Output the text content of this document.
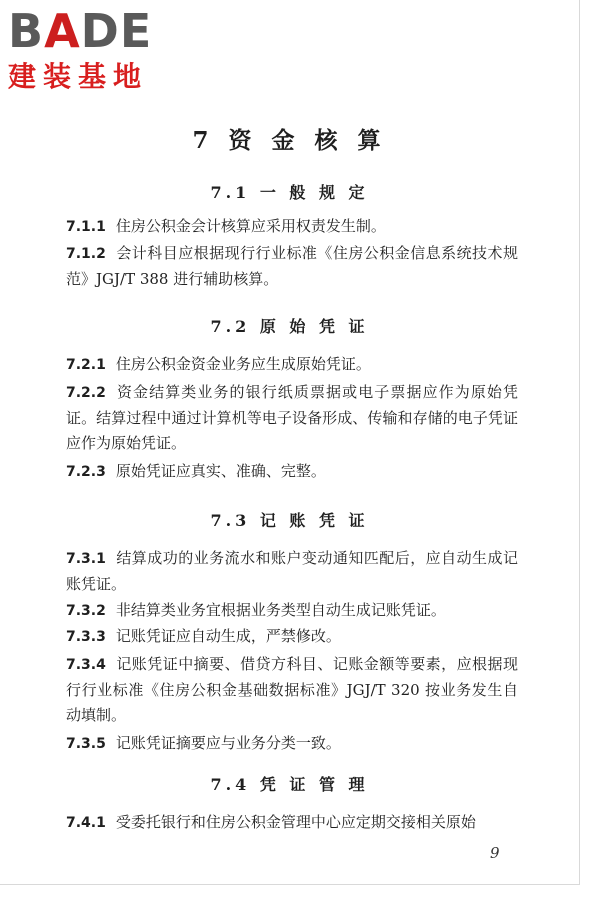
BADE
建装基地
7 资 金 核 算
7.1 一 般 规 定
7.1.1 住房公积金会计核算应采用权责发生制。
7.1.2 会计科目应根据现行行业标准《住房公积金信息系统技术规范》JGJ/T 388 进行辅助核算。
7.2 原 始 凭 证
7.2.1 住房公积金资金业务应生成原始凭证。
7.2.2 资金结算类业务的银行纸质票据或电子票据应作为原始凭证。结算过程中通过计算机等电子设备形成、传输和存储的电子凭证应作为原始凭证。
7.2.3 原始凭证应真实、准确、完整。
7.3 记 账 凭 证
7.3.1 结算成功的业务流水和账户变动通知匹配后，应自动生成记账凭证。
7.3.2 非结算类业务宜根据业务类型自动生成记账凭证。
7.3.3 记账凭证应自动生成，严禁修改。
7.3.4 记账凭证中摘要、借贷方科目、记账金额等要素，应根据现行行业标准《住房公积金基础数据标准》JGJ/T 320 按业务发生自动填制。
7.3.5 记账凭证摘要应与业务分类一致。
7.4 凭 证 管 理
7.4.1 受委托银行和住房公积金管理中心应定期交接相关原始
9
